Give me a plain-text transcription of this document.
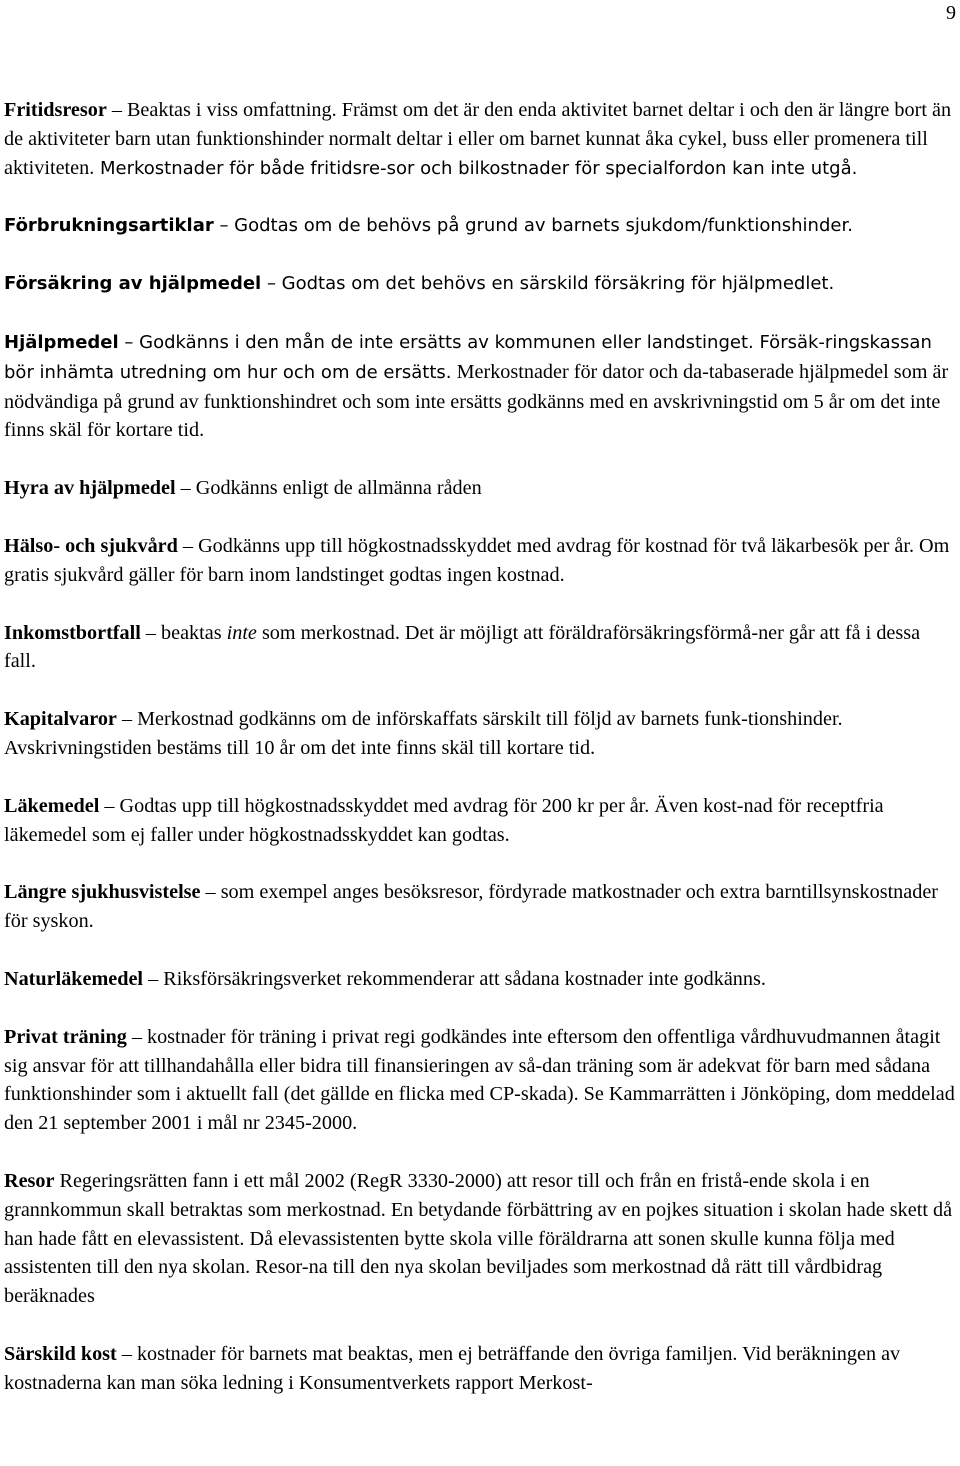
9

Fritidsresor – Beaktas i viss omfattning. Främst om det är den enda aktivitet barnet deltar i och den är längre bort än de aktiviteter barn utan funktionshinder normalt deltar i eller om barnet kunnat åka cykel, buss eller promenera till aktiviteten. Merkostnader för både fritidsre-sor och bilkostnader för specialfordon kan inte utgå.

Förbrukningsartiklar – Godtas om de behövs på grund av barnets sjukdom/funktionshinder.

Försäkring av hjälpmedel – Godtas om det behövs en särskild försäkring för hjälpmedlet.

Hjälpmedel – Godkänns i den mån de inte ersätts av kommunen eller landstinget. Försäk-ringskassan bör inhämta utredning om hur och om de ersätts. Merkostnader för dator och da-tabaserade hjälpmedel som är nödvändiga på grund av funktionshindret och som inte ersätts godkänns med en avskrivningstid om 5 år om det inte finns skäl för kortare tid.

Hyra av hjälpmedel – Godkänns enligt de allmänna råden

Hälso- och sjukvård – Godkänns upp till högkostnadsskyddet med avdrag för kostnad för två läkarbesök per år. Om gratis sjukvård gäller för barn inom landstinget godtas ingen kostnad.

Inkomstbortfall – beaktas inte som merkostnad. Det är möjligt att föräldraförsäkringsförmå-ner går att få i dessa fall.

Kapitalvaror – Merkostnad godkänns om de införskaffats särskilt till följd av barnets funk-tionshinder. Avskrivningstiden bestäms till 10 år om det inte finns skäl till kortare tid.

Läkemedel – Godtas upp till högkostnadsskyddet med avdrag för 200 kr per år. Även kost-nad för receptfria läkemedel som ej faller under högkostnadsskyddet kan godtas.

Längre sjukhusvistelse – som exempel anges besöksresor, fördyrade matkostnader och extra barntillsynskostnader för syskon.

Naturläkemedel – Riksförsäkringsverket rekommenderar att sådana kostnader inte godkänns.

Privat träning – kostnader för träning i privat regi godkändes inte eftersom den offentliga vårdhuvudmannen åtagit sig ansvar för att tillhandahålla eller bidra till finansieringen av så-dan träning som är adekvat för barn med sådana funktionshinder som i aktuellt fall (det gällde en flicka med CP-skada). Se Kammarrätten i Jönköping, dom meddelad den 21 september 2001 i mål nr 2345-2000.

Resor Regeringsrätten fann i ett mål 2002 (RegR 3330-2000) att resor till och från en fristå-ende skola i en grannkommun skall betraktas som merkostnad. En betydande förbättring av en pojkes situation i skolan hade skett då han hade fått en elevassistent. Då elevassistenten bytte skola ville föräldrarna att sonen skulle kunna följa med assistenten till den nya skolan. Resor-na till den nya skolan beviljades som merkostnad då rätt till vårdbidrag beräknades

Särskild kost – kostnader för barnets mat beaktas, men ej beträffande den övriga familjen. Vid beräkningen av kostnaderna kan man söka ledning i Konsumentverkets rapport Merkost-
